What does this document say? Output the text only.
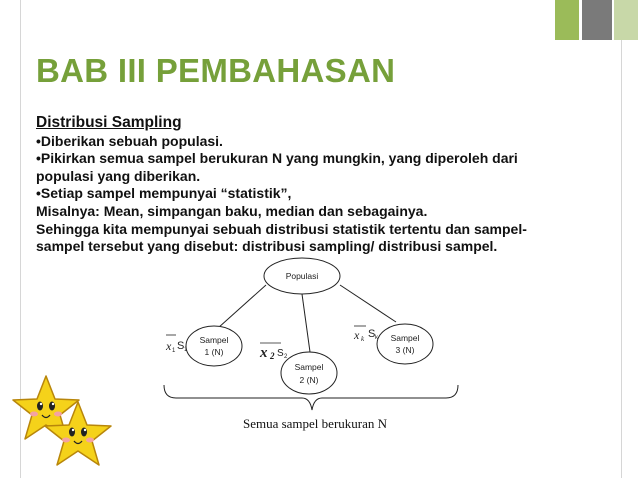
BAB III PEMBAHASAN
Distribusi Sampling
•Diberikan sebuah populasi.
•Pikirkan semua sampel berukuran N yang mungkin, yang diperoleh dari
populasi yang diberikan.
•Setiap sampel mempunyai “statistik”,
Misalnya: Mean, simpangan baku, median dan sebagainya.
Sehingga kita mempunyai sebuah distribusi statistik tertentu dan sampel-
sampel tersebut yang disebut: distribusi sampling/ distribusi sampel.
Populasi
Sampel
1 (N)
Sampel
2 (N)
Sampel
3 (N)
x 1 S 1	x 2 S 2
x k S k
Semua sampel berukuran N
